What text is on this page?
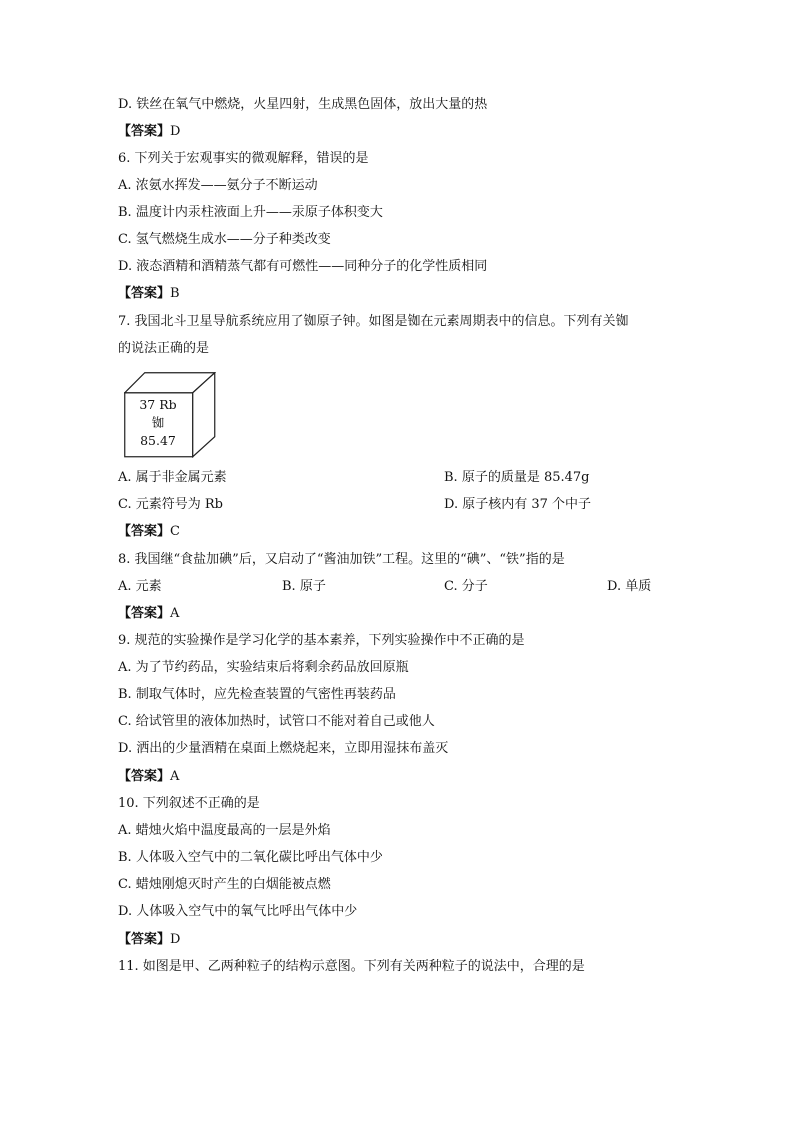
D. 铁丝在氧气中燃烧，火星四射，生成黑色固体，放出大量的热
【答案】D
6. 下列关于宏观事实的微观解释，错误的是
A. 浓氨水挥发——氨分子不断运动
B. 温度计内汞柱液面上升——汞原子体积变大
C. 氢气燃烧生成水——分子种类改变
D. 液态酒精和酒精蒸气都有可燃性——同种分子的化学性质相同
【答案】B
7. 我国北斗卫星导航系统应用了铷原子钟。如图是铷在元素周期表中的信息。下列有关铷
的说法正确的是
37 Rb
铷
85.47
A. 属于非金属元素	B. 原子的质量是 85.47g
C. 元素符号为 Rb	D. 原子核内有 37 个中子
【答案】C
8. 我国继“食盐加碘”后，又启动了“酱油加铁”工程。这里的“碘”、“铁”指的是
A. 元素	B. 原子	C. 分子	D. 单质
【答案】A
9. 规范的实验操作是学习化学的基本素养，下列实验操作中不正确的是
A. 为了节约药品，实验结束后将剩余药品放回原瓶
B. 制取气体时，应先检查装置的气密性再装药品
C. 给试管里的液体加热时，试管口不能对着自己或他人
D. 洒出的少量酒精在桌面上燃烧起来，立即用湿抹布盖灭
【答案】A
10. 下列叙述不正确的是
A. 蜡烛火焰中温度最高的一层是外焰
B. 人体吸入空气中的二氧化碳比呼出气体中少
C. 蜡烛刚熄灭时产生的白烟能被点燃
D. 人体吸入空气中的氧气比呼出气体中少
【答案】D
11. 如图是甲、乙两种粒子的结构示意图。下列有关两种粒子的说法中，合理的是
